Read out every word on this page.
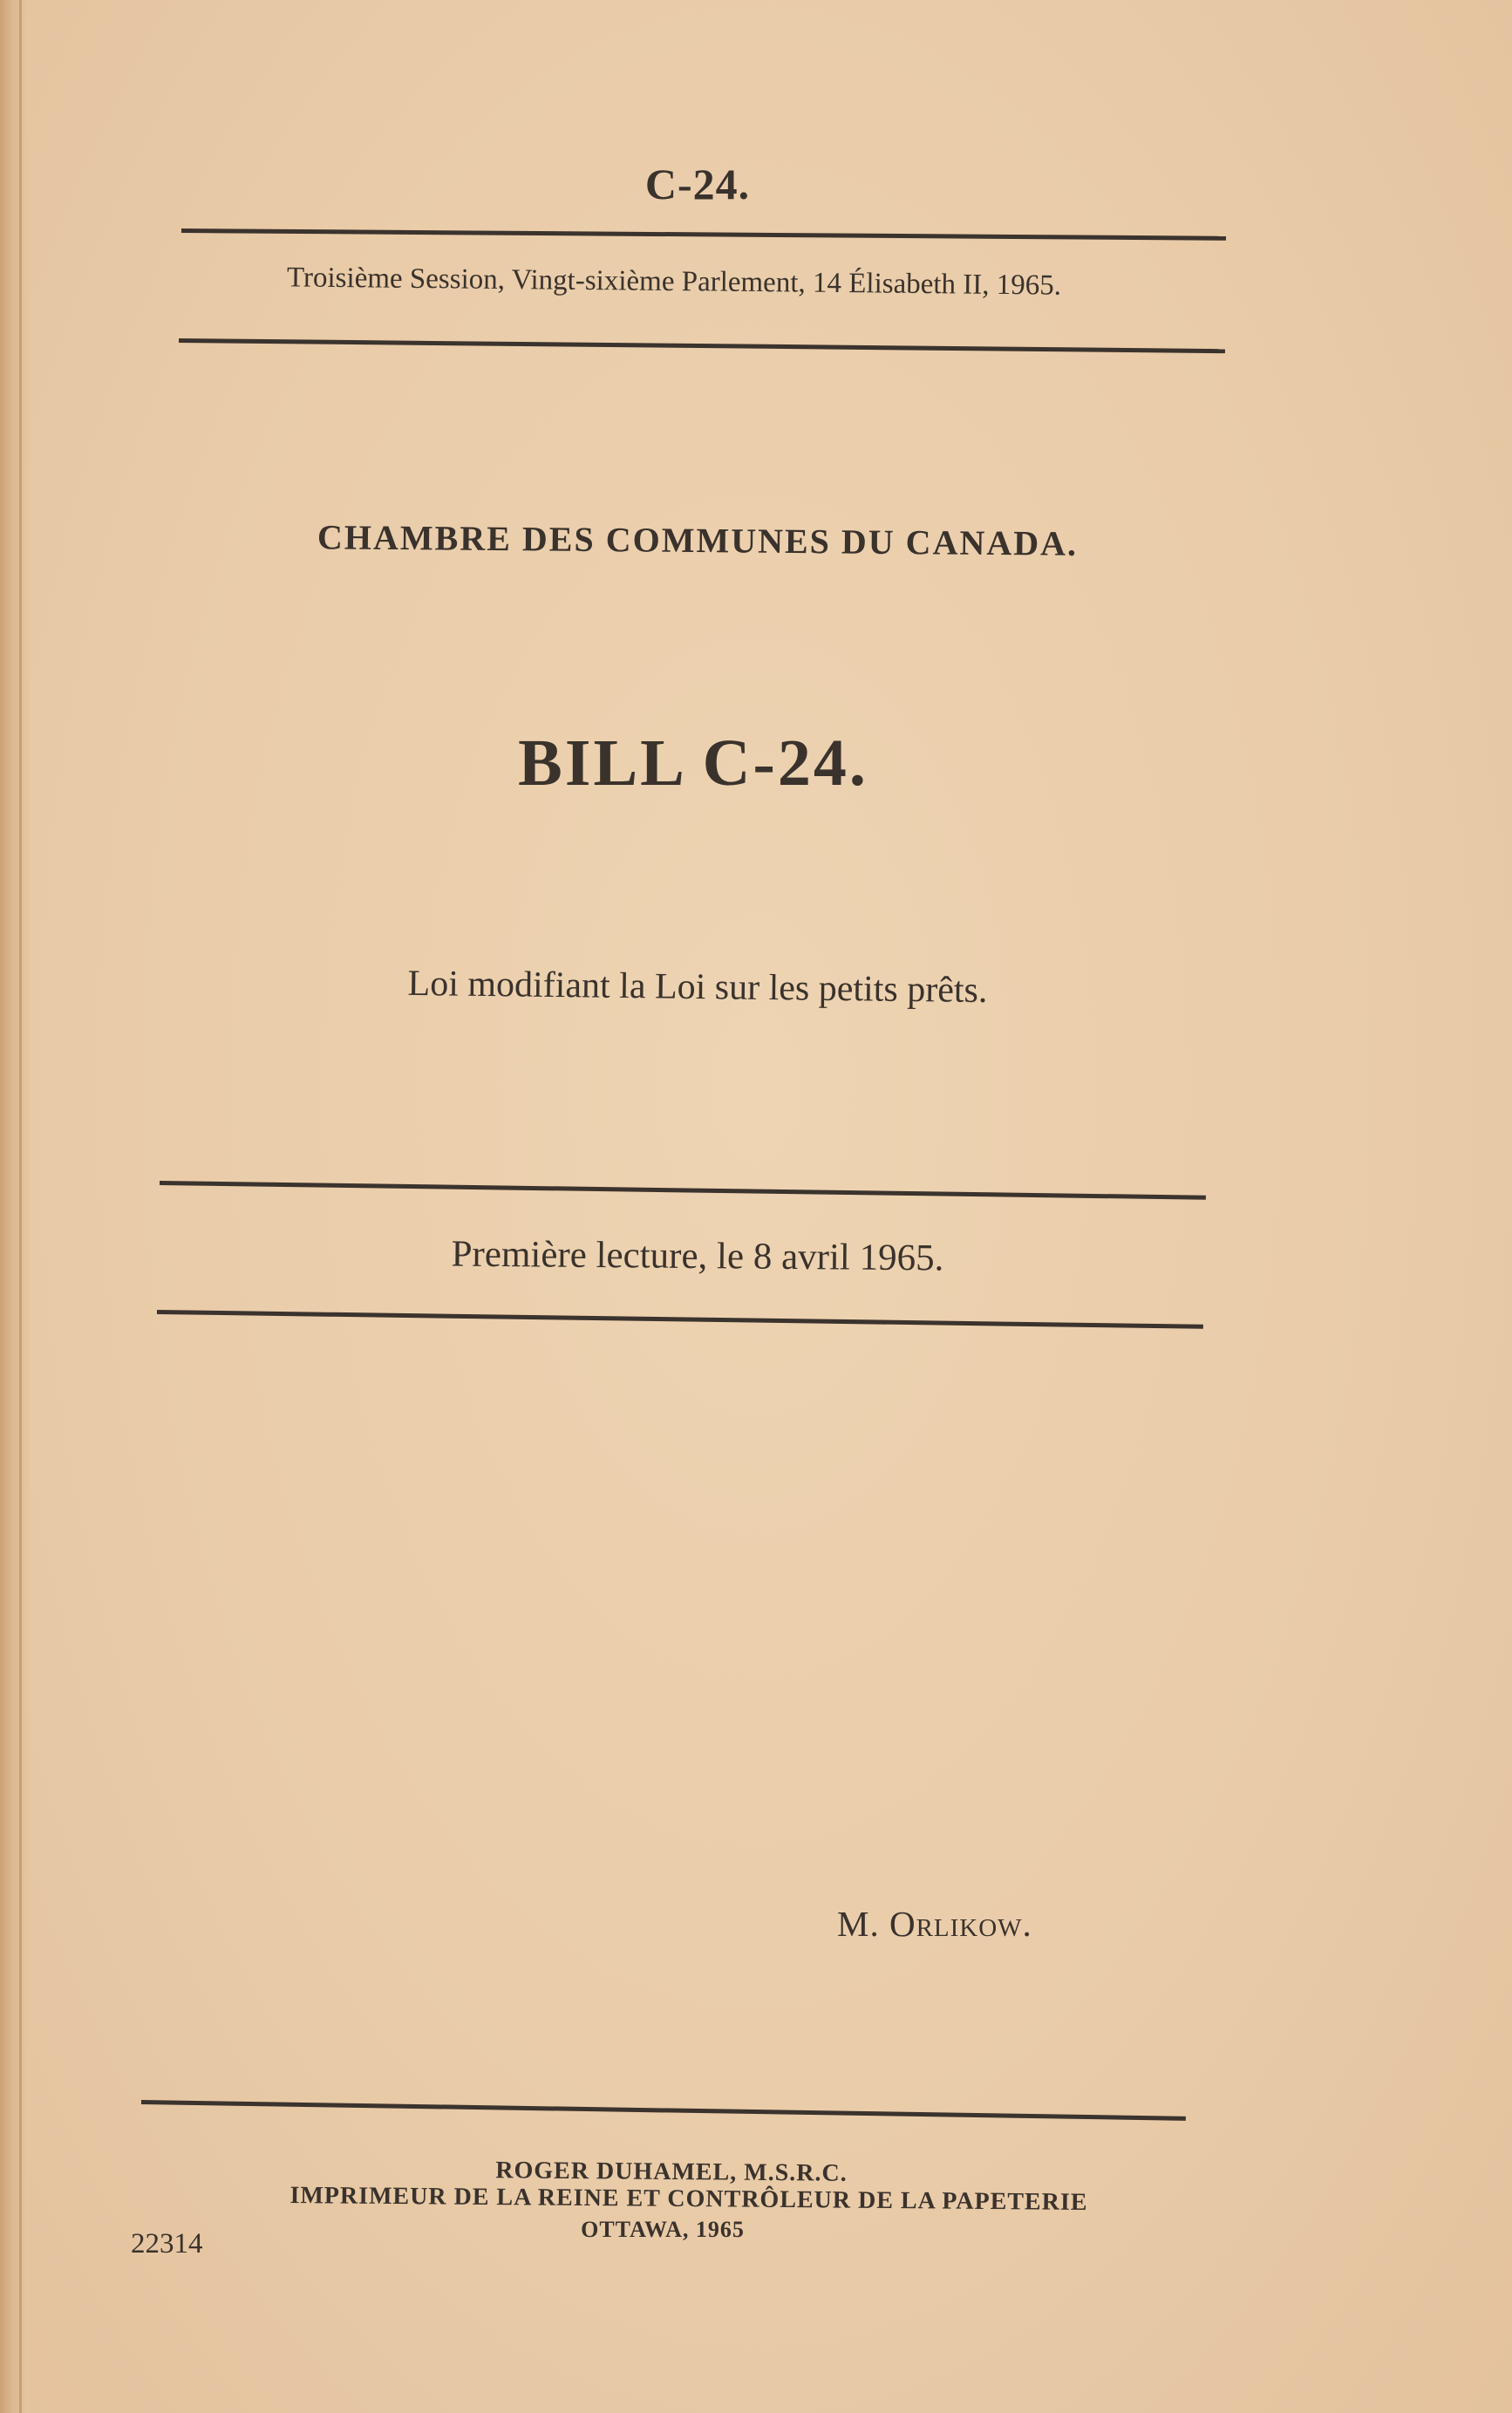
C-24.
Troisième Session, Vingt-sixième Parlement, 14 Élisabeth II, 1965.
CHAMBRE DES COMMUNES DU CANADA.
BILL C-24.
Loi modifiant la Loi sur les petits prêts.
Première lecture, le 8 avril 1965.
M. Orlikow.
ROGER DUHAMEL, M.S.R.C.
IMPRIMEUR DE LA REINE ET CONTRÔLEUR DE LA PAPETERIE
OTTAWA, 1965
22314
